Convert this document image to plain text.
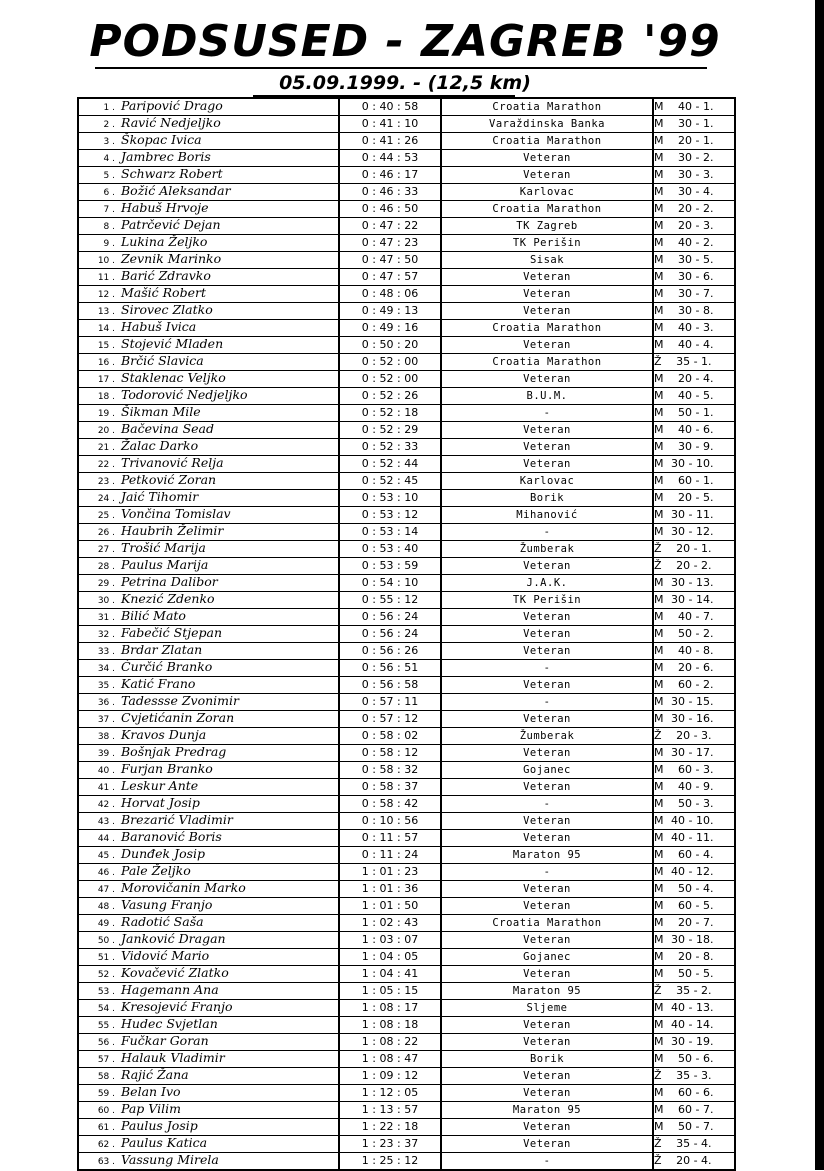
PODSUSED - ZAGREB '99
05.09.1999. - (12,5 km)
1 . Paripović Drago	0 : 40 : 58	Croatia Marathon	M 40 - 1.
2 . Ravić Nedjeljko	0 : 41 : 10	Varaždinska Banka	M 30 - 1.
3 . Škopac Ivica	0 : 41 : 26	Croatia Marathon	M 20 - 1.
4 . Jambrec Boris	0 : 44 : 53	Veteran	M 30 - 2.
5 . Schwarz Robert	0 : 46 : 17	Veteran	M 30 - 3.
6 . Božić Aleksandar	0 : 46 : 33	Karlovac	M 30 - 4.
7 . Habuš Hrvoje	0 : 46 : 50	Croatia Marathon	M 20 - 2.
8 . Patrčević Dejan	0 : 47 : 22	TK Zagreb	M 20 - 3.
9 . Lukina Željko	0 : 47 : 23	TK Perišin	M 40 - 2.
10 . Zevnik Marinko	0 : 47 : 50	Sisak	M 30 - 5.
11 . Barić Zdravko	0 : 47 : 57	Veteran	M 30 - 6.
12 . Mašić Robert	0 : 48 : 06	Veteran	M 30 - 7.
13 . Sirovec Zlatko	0 : 49 : 13	Veteran	M 30 - 8.
14 . Habuš Ivica	0 : 49 : 16	Croatia Marathon	M 40 - 3.
15 . Stojević Mladen	0 : 50 : 20	Veteran	M 40 - 4.
16 . Brčić Slavica	0 : 52 : 00	Croatia Marathon	Ž 35 - 1.
17 . Staklenac Veljko	0 : 52 : 00	Veteran	M 20 - 4.
18 . Todorović Nedjeljko	0 : 52 : 26	B.U.M.	M 40 - 5.
19 . Šikman Mile	0 : 52 : 18	-	M 50 - 1.
20 . Bačevina Sead	0 : 52 : 29	Veteran	M 40 - 6.
21 . Žalac Darko	0 : 52 : 33	Veteran	M 30 - 9.
22 . Trivanović Relja	0 : 52 : 44	Veteran	M 30 - 10.
23 . Petković Zoran	0 : 52 : 45	Karlovac	M 60 - 1.
24 . Jaić Tihomir	0 : 53 : 10	Borik	M 20 - 5.
25 . Vončina Tomislav	0 : 53 : 12	Mihanović	M 30 - 11.
26 . Haubrih Želimir	0 : 53 : 14	-	M 30 - 12.
27 . Trošić Marija	0 : 53 : 40	Žumberak	Ž 20 - 1.
28 . Paulus Marija	0 : 53 : 59	Veteran	Ž 20 - 2.
29 . Petrina Dalibor	0 : 54 : 10	J.A.K.	M 30 - 13.
30 . Knezić Zdenko	0 : 55 : 12	TK Perišin	M 30 - 14.
31 . Bilić Mato	0 : 56 : 24	Veteran	M 40 - 7.
32 . Fabečić Stjepan	0 : 56 : 24	Veteran	M 50 - 2.
33 . Brdar Zlatan	0 : 56 : 26	Veteran	M 40 - 8.
34 . Ćurčić Branko	0 : 56 : 51	-	M 20 - 6.
35 . Katić Frano	0 : 56 : 58	Veteran	M 60 - 2.
36 . Tadessse Zvonimir	0 : 57 : 11	-	M 30 - 15.
37 . Cvjetićanin Zoran	0 : 57 : 12	Veteran	M 30 - 16.
38 . Kravos Dunja	0 : 58 : 02	Žumberak	Ž 20 - 3.
39 . Bošnjak Predrag	0 : 58 : 12	Veteran	M 30 - 17.
40 . Furjan Branko	0 : 58 : 32	Gojanec	M 60 - 3.
41 . Leskur Ante	0 : 58 : 37	Veteran	M 40 - 9.
42 . Horvat Josip	0 : 58 : 42	-	M 50 - 3.
43 . Brezarić Vladimir	0 : 10 : 56	Veteran	M 40 - 10.
44 . Baranović Boris	0 : 11 : 57	Veteran	M 40 - 11.
45 . Dunđek Josip	0 : 11 : 24	Maraton 95	M 60 - 4.
46 . Pale Željko	1 : 01 : 23	-	M 40 - 12.
47 . Morovičanin Marko	1 : 01 : 36	Veteran	M 50 - 4.
48 . Vasung Franjo	1 : 01 : 50	Veteran	M 60 - 5.
49 . Radotić Saša	1 : 02 : 43	Croatia Marathon	M 20 - 7.
50 . Janković Dragan	1 : 03 : 07	Veteran	M 30 - 18.
51 . Vidović Mario	1 : 04 : 05	Gojanec	M 20 - 8.
52 . Kovačević Zlatko	1 : 04 : 41	Veteran	M 50 - 5.
53 . Hagemann Ana	1 : 05 : 15	Maraton 95	Ž 35 - 2.
54 . Kresojević Franjo	1 : 08 : 17	Sljeme	M 40 - 13.
55 . Hudec Svjetlan	1 : 08 : 18	Veteran	M 40 - 14.
56 . Fučkar Goran	1 : 08 : 22	Veteran	M 30 - 19.
57 . Halauk Vladimir	1 : 08 : 47	Borik	M 50 - 6.
58 . Rajić Žana	1 : 09 : 12	Veteran	Ž 35 - 3.
59 . Belan Ivo	1 : 12 : 05	Veteran	M 60 - 6.
60 . Pap Vilim	1 : 13 : 57	Maraton 95	M 60 - 7.
61 . Paulus Josip	1 : 22 : 18	Veteran	M 50 - 7.
62 . Paulus Katica	1 : 23 : 37	Veteran	Ž 35 - 4.
63 . Vassung Mirela	1 : 25 : 12	-	Ž 20 - 4.
